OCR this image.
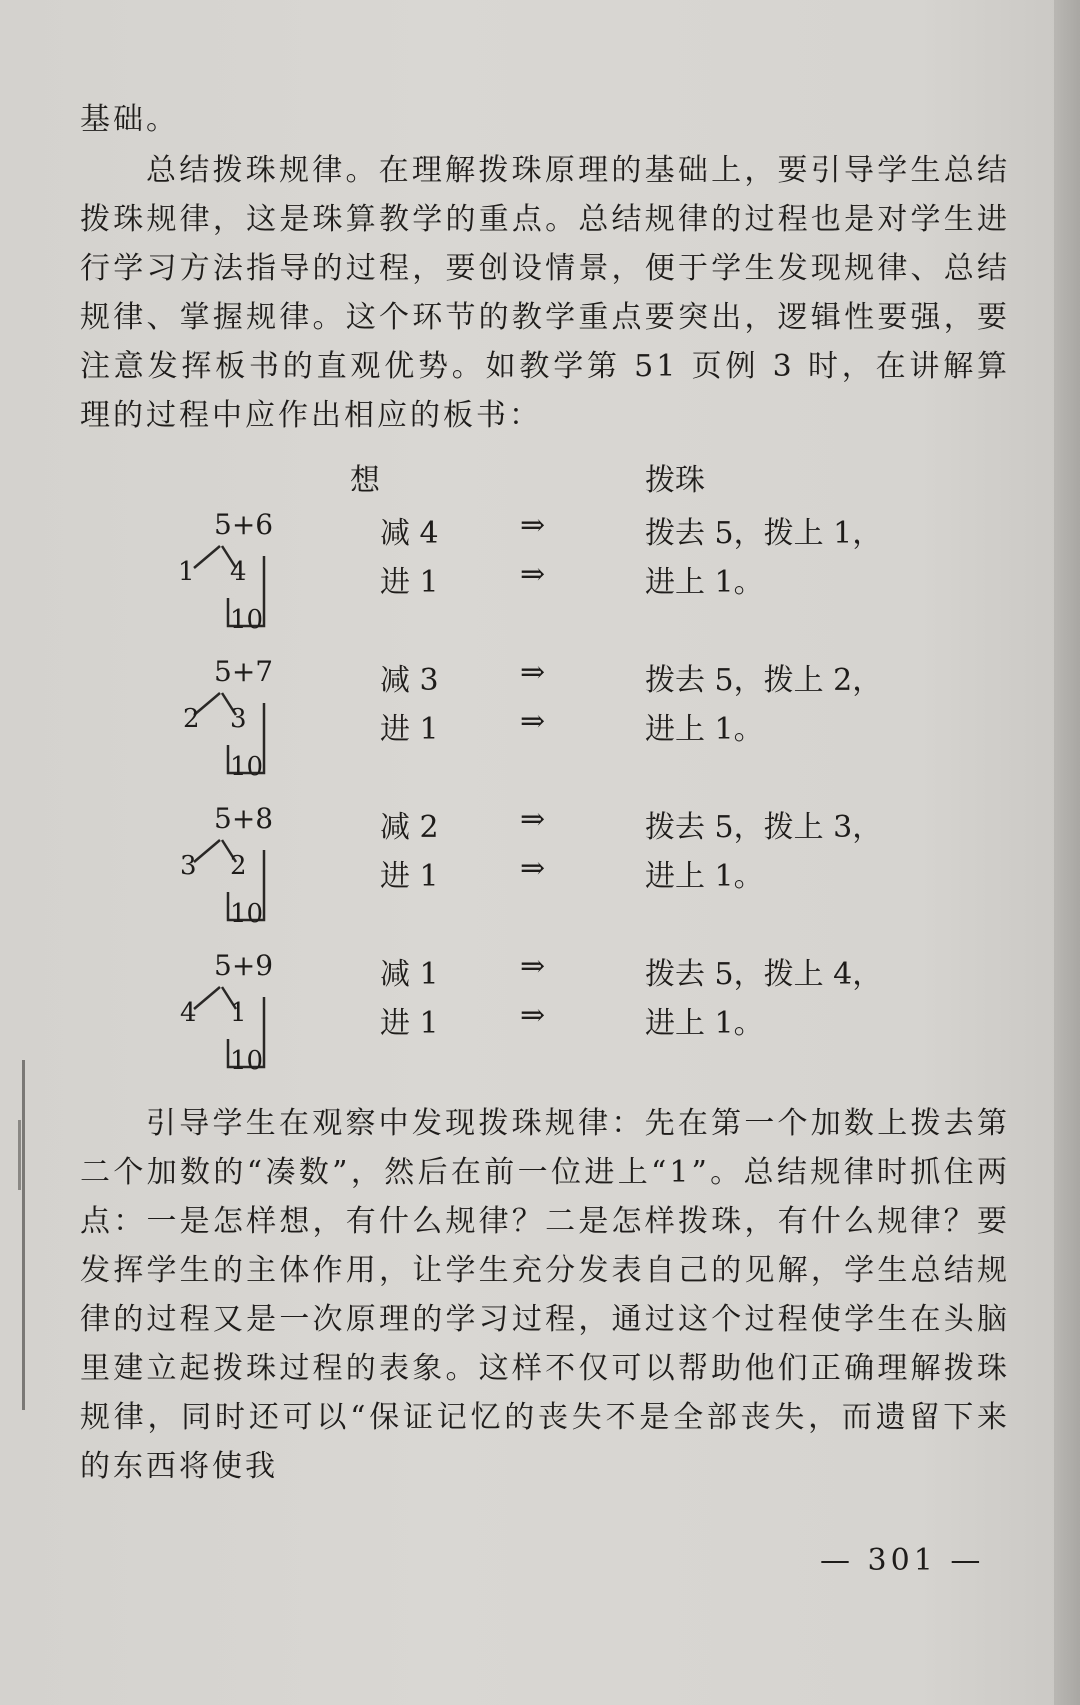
基础。

总结拨珠规律。在理解拨珠原理的基础上，要引导学生总结拨珠规律，这是珠算教学的重点。总结规律的过程也是对学生进行学习方法指导的过程，要创设情景，便于学生发现规律、总结规律、掌握规律。这个环节的教学重点要突出，逻辑性要强，要注意发挥板书的直观优势。如教学第 51 页例 3 时，在讲解算理的过程中应作出相应的板书：

想	拨珠
5+6
1 4
10
减 4
进 1
⇒
⇒
拨去 5，拨上 1，
进上 1。
5+7
2 3
10
减 3
进 1
⇒
⇒
拨去 5，拨上 2，
进上 1。
5+8
3 2
10
减 2
进 1
⇒
⇒
拨去 5，拨上 3，
进上 1。
5+9
4 1
10
减 1
进 1
⇒
⇒
拨去 5，拨上 4，
进上 1。

引导学生在观察中发现拨珠规律：先在第一个加数上拨去第二个加数的“凑数”，然后在前一位进上“1”。总结规律时抓住两点：一是怎样想，有什么规律？二是怎样拨珠，有什么规律？要发挥学生的主体作用，让学生充分发表自己的见解，学生总结规律的过程又是一次原理的学习过程，通过这个过程使学生在头脑里建立起拨珠过程的表象。这样不仅可以帮助他们正确理解拨珠规律，同时还可以“保证记忆的丧失不是全部丧失，而遗留下来的东西将使我

— 301 —
